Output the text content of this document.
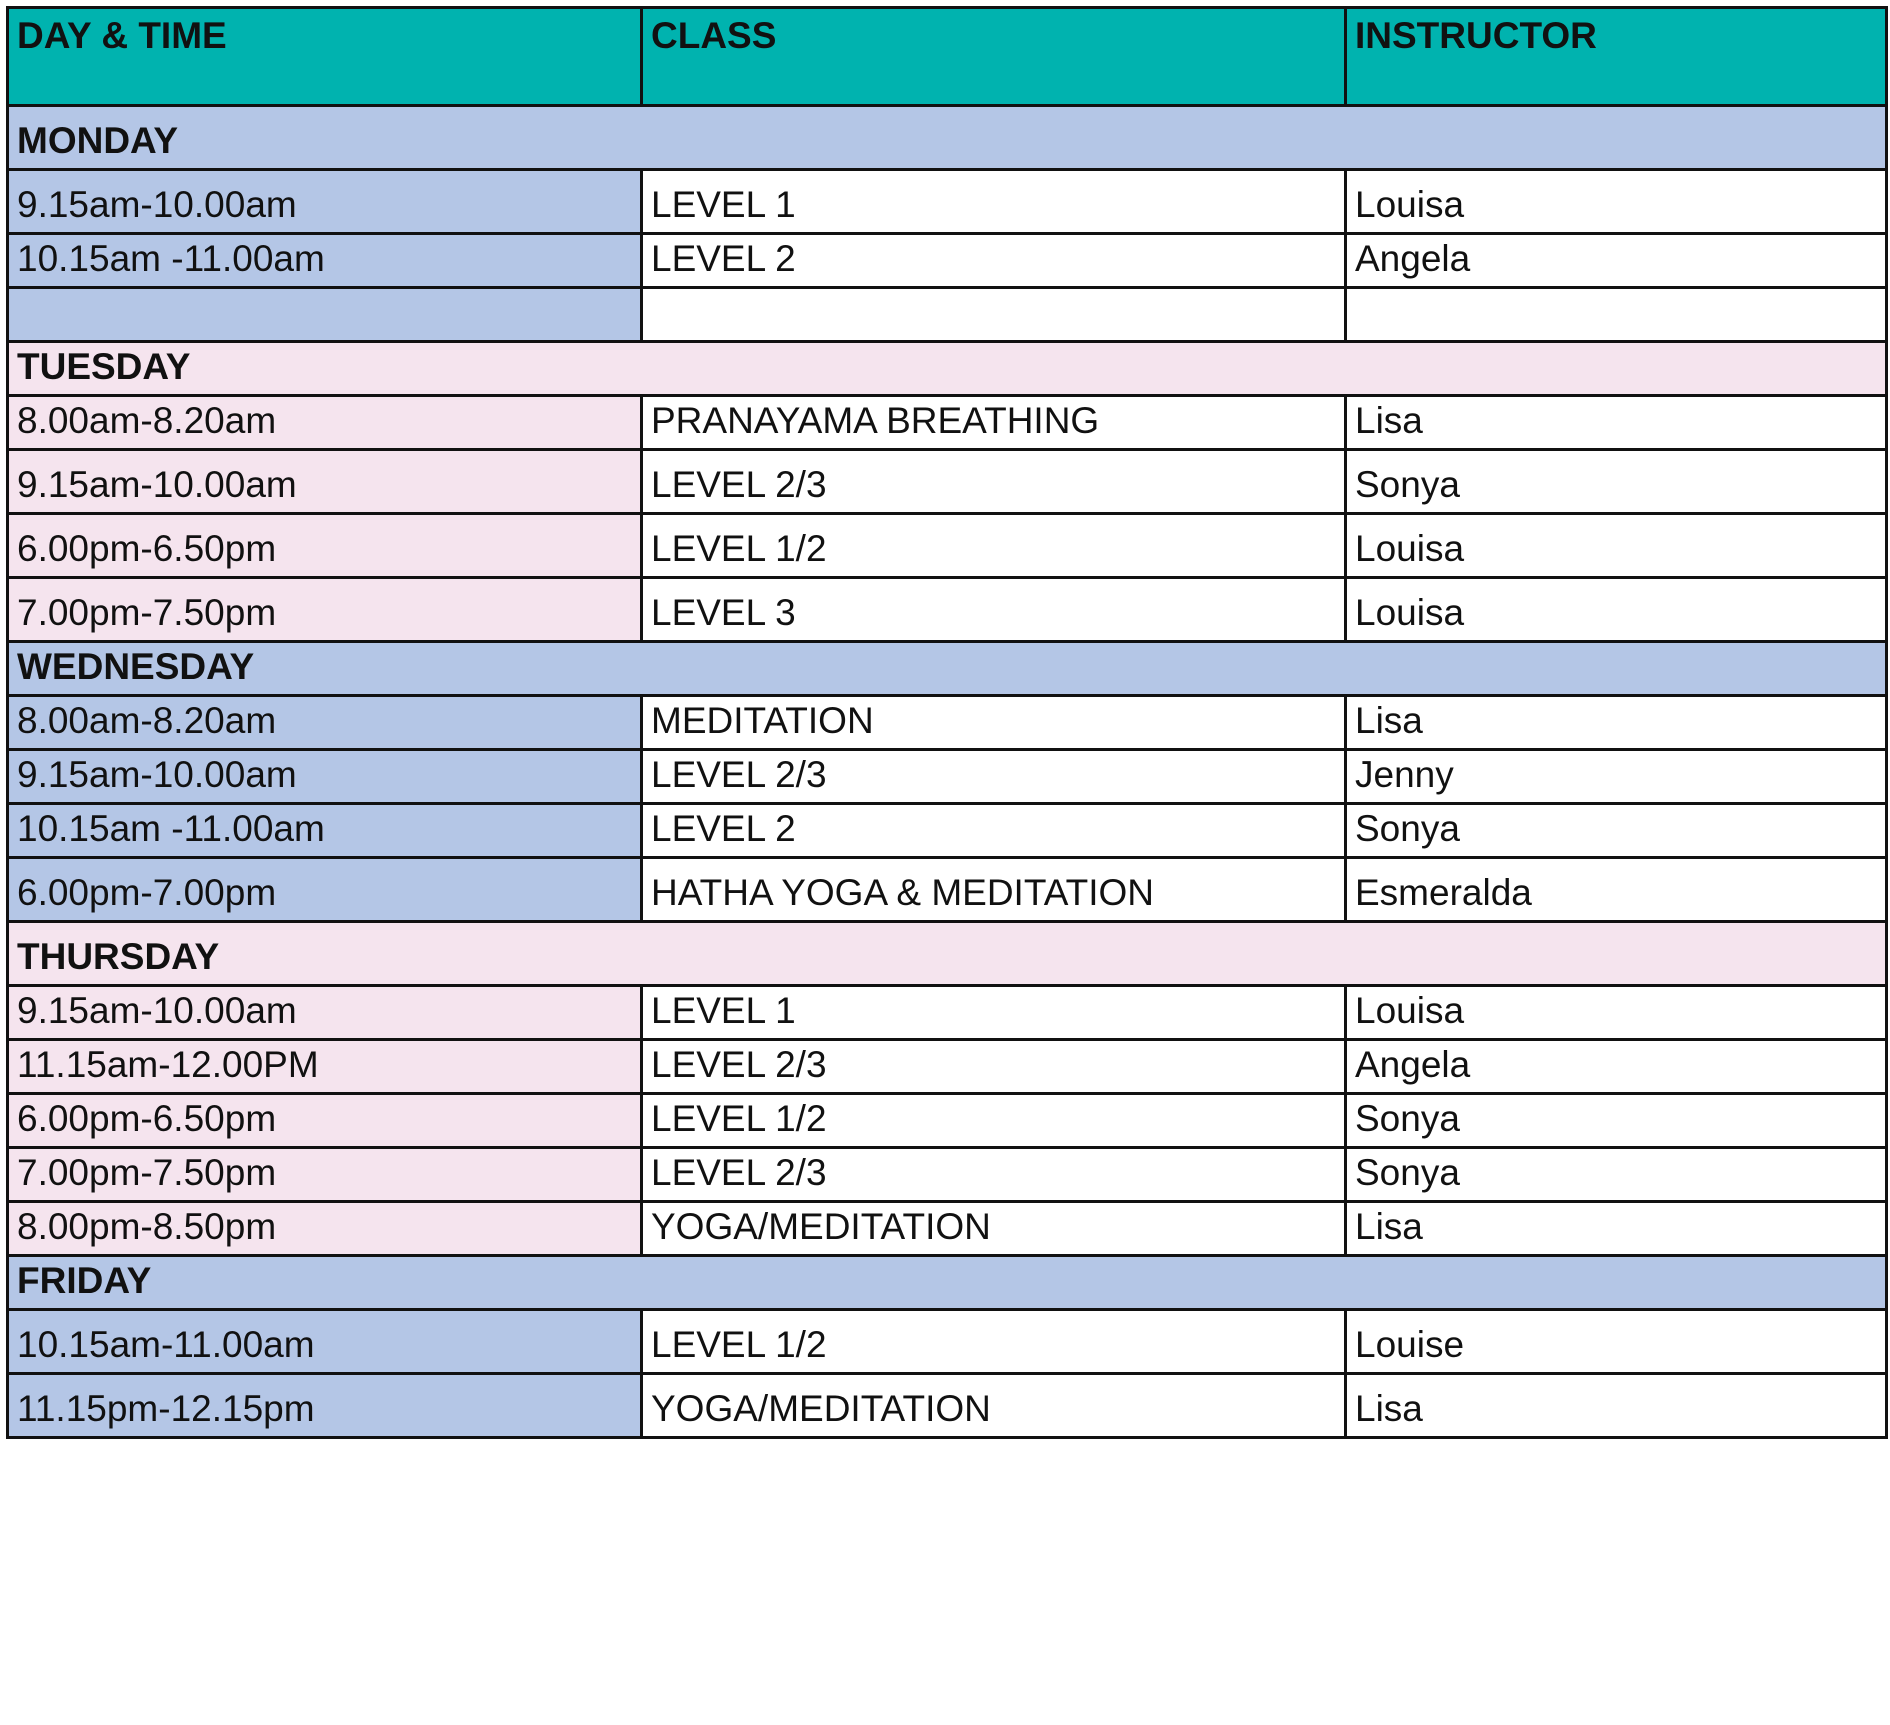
DAY & TIME	CLASS	INSTRUCTOR
MONDAY		
9.15am-10.00am	LEVEL 1	Louisa
10.15am -11.00am	LEVEL 2	Angela

TUESDAY		
8.00am-8.20am	PRANAYAMA BREATHING	Lisa
9.15am-10.00am	LEVEL 2/3	Sonya
6.00pm-6.50pm	LEVEL 1/2	Louisa
7.00pm-7.50pm	LEVEL 3	Louisa
WEDNESDAY		
8.00am-8.20am	MEDITATION	Lisa
9.15am-10.00am	LEVEL 2/3	Jenny
10.15am -11.00am	LEVEL 2	Sonya
6.00pm-7.00pm	HATHA YOGA & MEDITATION	Esmeralda
THURSDAY		
9.15am-10.00am	LEVEL 1	Louisa
11.15am-12.00PM	LEVEL 2/3	Angela
6.00pm-6.50pm	LEVEL 1/2	Sonya
7.00pm-7.50pm	LEVEL 2/3	Sonya
8.00pm-8.50pm	YOGA/MEDITATION	Lisa
FRIDAY		
10.15am-11.00am	LEVEL 1/2	Louise
11.15pm-12.15pm	YOGA/MEDITATION	Lisa
